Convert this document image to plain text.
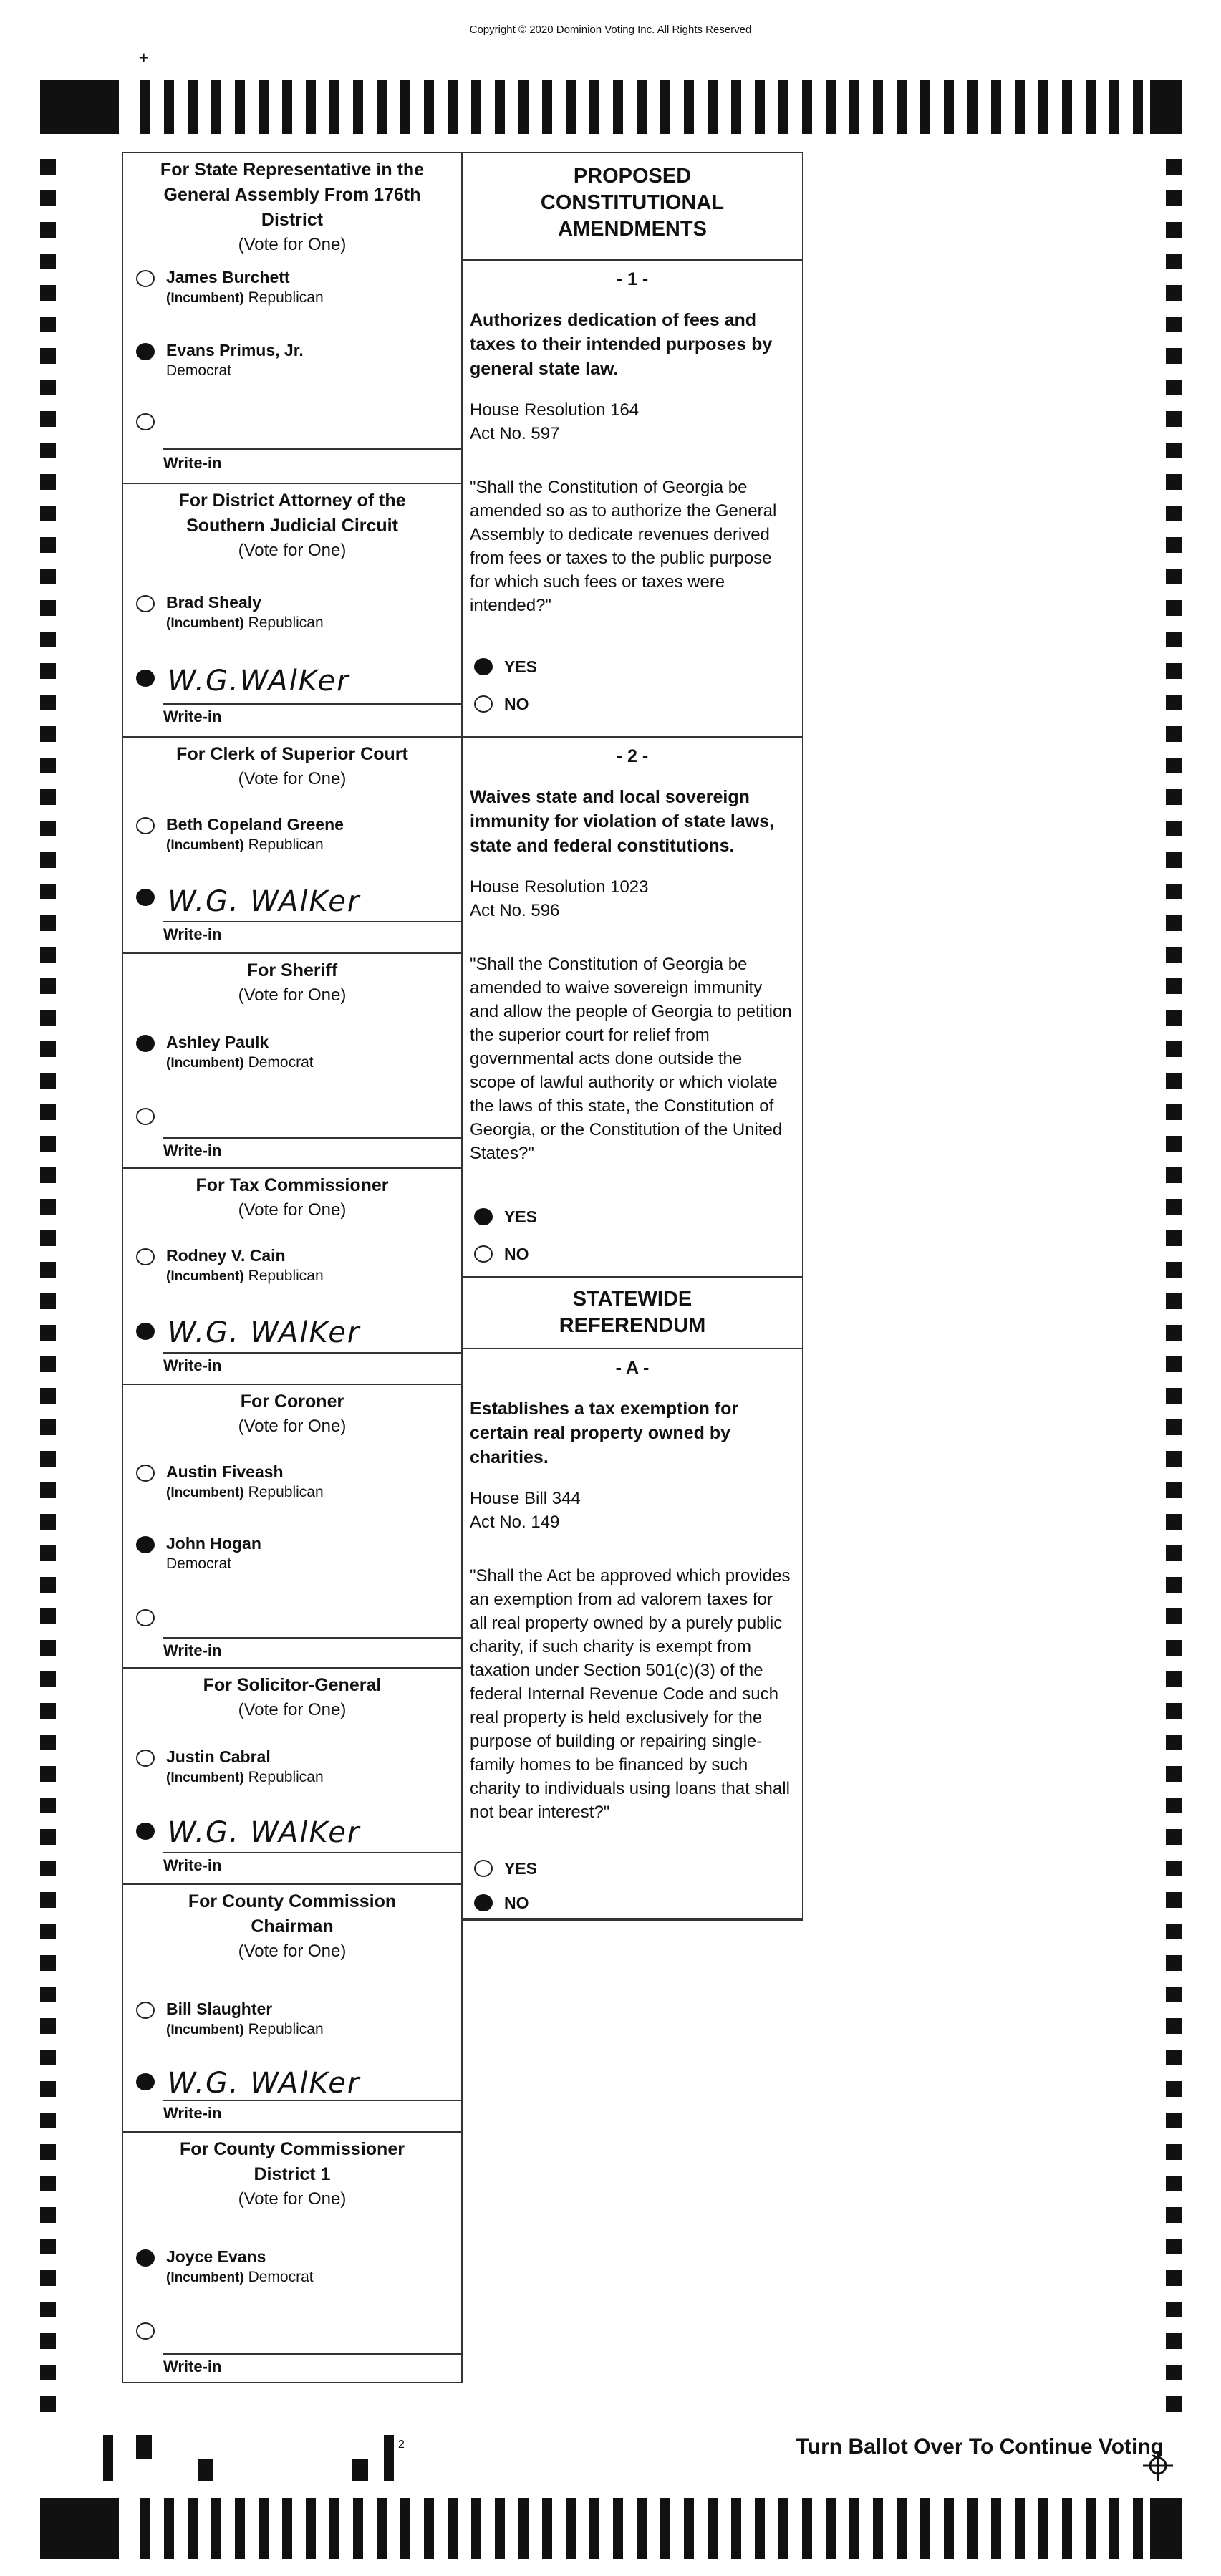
Copyright © 2020 Dominion Voting Inc. All Rights Reserved
+
For State Representative in the General Assembly From 176th District
(Vote for One)
James Burchett
(Incumbent) Republican
Evans Primus, Jr.
Democrat
Write-in
For District Attorney of the Southern Judicial Circuit
(Vote for One)
Brad Shealy
(Incumbent) Republican
W.G.WAlKer
Write-in
For Clerk of Superior Court
(Vote for One)
Beth Copeland Greene
(Incumbent) Republican
W.G. WAlKer
Write-in
For Sheriff
(Vote for One)
Ashley Paulk
(Incumbent) Democrat
Write-in
For Tax Commissioner
(Vote for One)
Rodney V. Cain
(Incumbent) Republican
W.G. WAlKer
Write-in
For Coroner
(Vote for One)
Austin Fiveash
(Incumbent) Republican
John Hogan
Democrat
Write-in
For Solicitor-General
(Vote for One)
Justin Cabral
(Incumbent) Republican
W.G. WAlKer
Write-in
For County Commission Chairman
(Vote for One)
Bill Slaughter
(Incumbent) Republican
W.G. WAlKer
Write-in
For County Commissioner District 1
(Vote for One)
Joyce Evans
(Incumbent) Democrat
Write-in
PROPOSED CONSTITUTIONAL AMENDMENTS
- 1 -
Authorizes dedication of fees and taxes to their intended purposes by general state law.
House Resolution 164
Act No. 597
"Shall the Constitution of Georgia be amended so as to authorize the General Assembly to dedicate revenues derived from fees or taxes to the public purpose for which such fees or taxes were intended?"
YES
NO
- 2 -
Waives state and local sovereign immunity for violation of state laws, state and federal constitutions.
House Resolution 1023
Act No. 596
"Shall the Constitution of Georgia be amended to waive sovereign immunity and allow the people of Georgia to petition the superior court for relief from governmental acts done outside the scope of lawful authority or which violate the laws of this state, the Constitution of Georgia, or the Constitution of the United States?"
YES
NO
STATEWIDE REFERENDUM
- A -
Establishes a tax exemption for certain real property owned by charities.
House Bill 344
Act No. 149
"Shall the Act be approved which provides an exemption from ad valorem taxes for all real property owned by a purely public charity, if such charity is exempt from taxation under Section 501(c)(3) of the federal Internal Revenue Code and such real property is held exclusively for the purpose of building or repairing single-family homes to be financed by such charity to individuals using loans that shall not bear interest?"
YES
NO
2	Turn Ballot Over To Continue Voting
